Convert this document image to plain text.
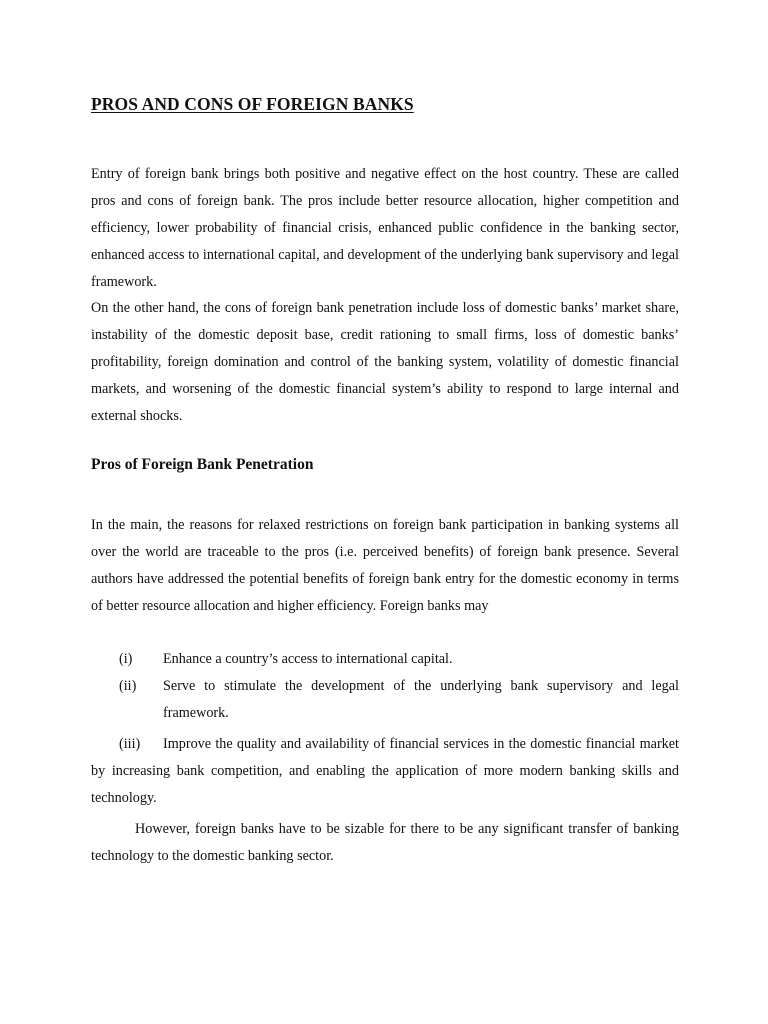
PROS AND CONS OF FOREIGN BANKS

Entry of foreign bank brings both positive and negative effect on the host country. These are called pros and cons of foreign bank. The pros include better resource allocation, higher competition and efficiency, lower probability of financial crisis, enhanced public confidence in the banking sector, enhanced access to international capital, and development of the underlying bank supervisory and legal framework.

On the other hand, the cons of foreign bank penetration include loss of domestic banks’ market share, instability of the domestic deposit base, credit rationing to small firms, loss of domestic banks’ profitability, foreign domination and control of the banking system, volatility of domestic financial markets, and worsening of the domestic financial system’s ability to respond to large internal and external shocks.

Pros of Foreign Bank Penetration

In the main, the reasons for relaxed restrictions on foreign bank participation in banking systems all over the world are traceable to the pros (i.e. perceived benefits) of foreign bank presence. Several authors have addressed the potential benefits of foreign bank entry for the domestic economy in terms of better resource allocation and higher efficiency. Foreign banks may

(i)	Enhance a country’s access to international capital.
(ii)	Serve to stimulate the development of the underlying bank supervisory and legal framework.

(iii) Improve the quality and availability of financial services in the domestic financial market by increasing bank competition, and enabling the application of more modern banking skills and technology.

However, foreign banks have to be sizable for there to be any significant transfer of banking technology to the domestic banking sector.
